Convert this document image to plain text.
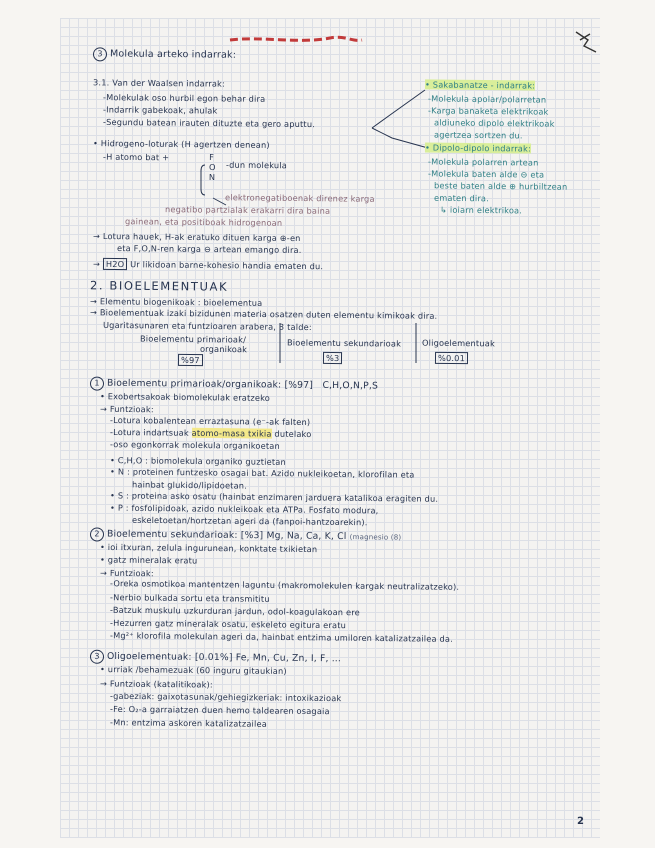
3 Molekula arteko indarrak:
3.1. Van der Waalsen indarrak:
-Molekulak oso hurbil egon behar dira
-Indarrik gabekoak, ahulak
-Segundu batean irauten dituzte eta gero aputtu.
• Sakabanatze - indarrak:
-Molekula apolar/polarretan
-Karga banaketa elektrikoak
aldiuneko dipolo elektrikoak
agertzea sortzen du.
• Dipolo-dipolo indarrak:
-Molekula polarren artean
-Molekula baten alde ⊖ eta
beste baten alde ⊕ hurbiltzean
ematen dira.
↳ ioiarn elektrikoa.
• Hidrogeno-loturak (H agertzen denean)
-H atomo bat +	F
O
N
-dun molekula
elektronegatiboenak direnez karga
negatibo partzialak erakarri dira baina
gainean, eta positiboak hidrogenoan
→ Lotura hauek, H-ak eratuko dituen karga ⊕-en
eta F,O,N-ren karga ⊖ artean emango dira.
→ H2O Ur likidoan barne-kohesio handia ematen du.
2. BIOELEMENTUAK
→ Elementu biogenikoak : bioelementua
→ Bioelementuak izaki bizidunen materia osatzen duten elementu kimikoak dira.
Ugaritasunaren eta funtzioaren arabera, 3 talde:
Bioelementu primarioak/
organikoak
%97
Bioelementu sekundarioak
%3
Oligoelementuak
%0.01
1 Bioelementu primarioak/organikoak: [%97] C,H,O,N,P,S
• Exobertsakoak biomolekulak eratzeko
→ Funtzioak:
-Lotura kobalentean erraztasuna (e⁻-ak falten)
-Lotura indartsuak atomo-masa txikia dutelako
-oso egonkorrak molekula organikoetan
• C,H,O : biomolekula organiko guztietan
• N : proteinen funtzesko osagai bat. Azido nukleikoetan, klorofilan eta
hainbat glukido/lipidoetan.
• S : proteina asko osatu (hainbat enzimaren jarduera katalikoa eragiten du.
• P : fosfolipidoak, azido nukleikoak eta ATPa. Fosfato modura,
eskeletoetan/hortzetan ageri da (fanpoi-hantzoarekin).
2 Bioelementu sekundarioak: [%3] Mg, Na, Ca, K, Cl (magnesio (8)
• ioi itxuran, zelula ingurunean, konktate txikietan
• gatz mineralak eratu
→ Funtzioak:
-Oreka osmotikoa mantentzen laguntu (makromolekulen kargak neutralizatzeko).
-Nerbio bulkada sortu eta transmititu
-Batzuk muskulu uzkurduran jardun, odol-koagulakoan ere
-Hezurren gatz mineralak osatu, eskeleto egitura eratu
-Mg²⁺ klorofila molekulan ageri da, hainbat entzima umiloren katalizatzailea da.
3 Oligoelementuak: [0.01%] Fe, Mn, Cu, Zn, I, F, ...
• urriak /behamezuak (60 inguru gitaukian)
→ Funtzioak (katalitikoak):
-gabeziak: gaixotasunak/gehiegizkeriak: intoxikazioak
-Fe: O₂-a garraiatzen duen hemo taldearen osagaia
-Mn: entzima askoren katalizatzailea
2
